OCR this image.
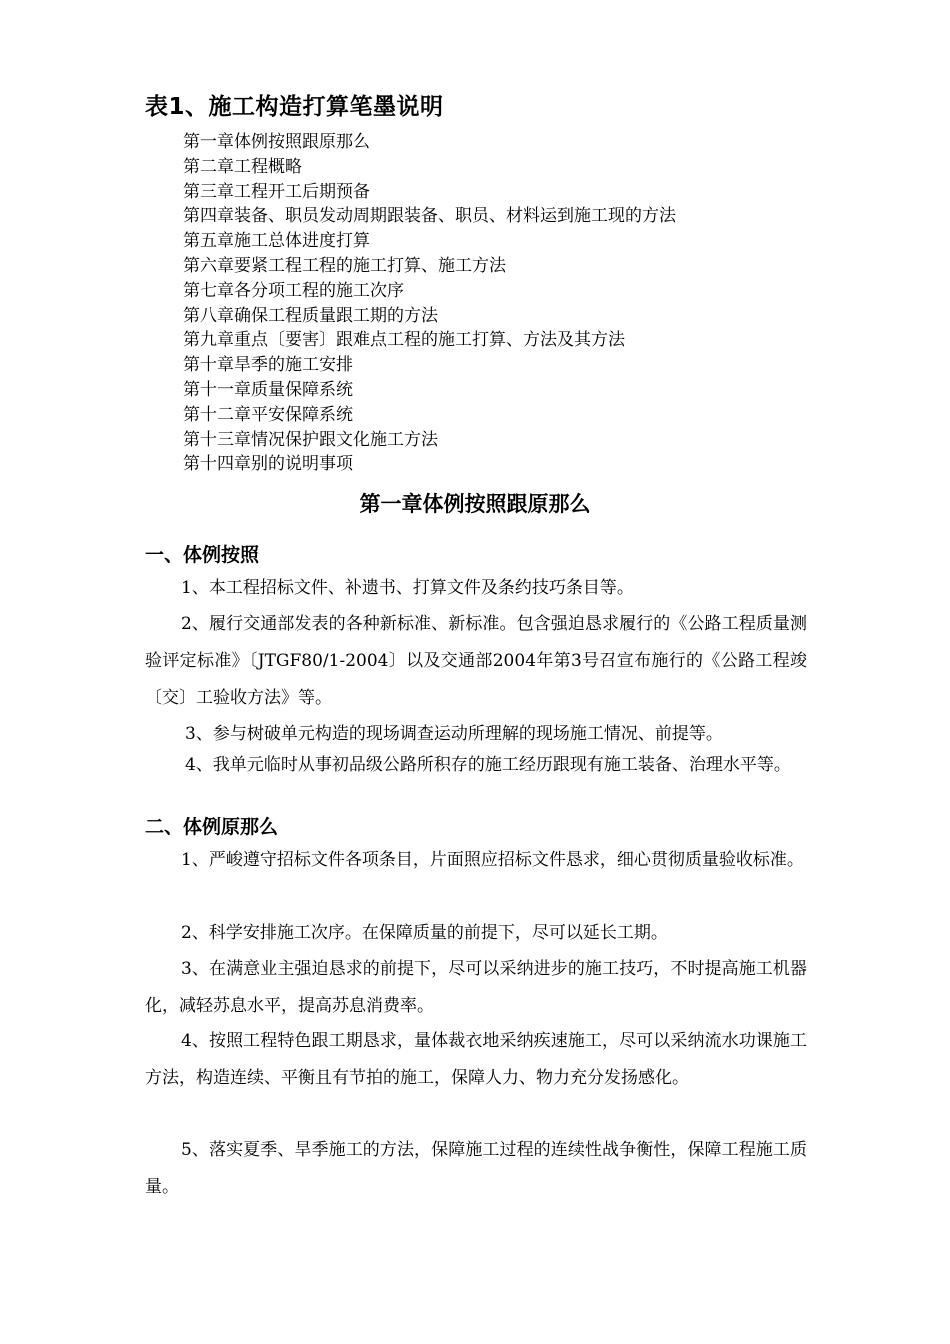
表1、施工构造打算笔墨说明
第一章体例按照跟原那么
第二章工程概略
第三章工程开工后期预备
第四章装备、职员发动周期跟装备、职员、材料运到施工现的方法
第五章施工总体进度打算
第六章要紧工程工程的施工打算、施工方法
第七章各分项工程的施工次序
第八章确保工程质量跟工期的方法
第九章重点〔要害〕跟难点工程的施工打算、方法及其方法
第十章旱季的施工安排
第十一章质量保障系统
第十二章平安保障系统
第十三章情况保护跟文化施工方法
第十四章别的说明事项
第一章体例按照跟原那么
一、体例按照

1、本工程招标文件、补遗书、打算文件及条约技巧条目等。

2、履行交通部发表的各种新标准、新标准。包含强迫恳求履行的《公路工程质量测验评定标准》〔JTGF80/1-2004〕以及交通部2004年第3号召宣布施行的《公路工程竣〔交〕工验收方法》等。

3、参与树破单元构造的现场调查运动所理解的现场施工情况、前提等。

4、我单元临时从事初品级公路所积存的施工经历跟现有施工装备、治理水平等。

二、体例原那么

1、严峻遵守招标文件各项条目，片面照应招标文件恳求，细心贯彻质量验收标准。

2、科学安排施工次序。在保障质量的前提下，尽可以延长工期。

3、在满意业主强迫恳求的前提下，尽可以采纳进步的施工技巧，不时提高施工机器化，减轻苏息水平，提高苏息消费率。

4、按照工程特色跟工期恳求，量体裁衣地采纳疾速施工，尽可以采纳流水功课施工方法，构造连续、平衡且有节拍的施工，保障人力、物力充分发扬感化。

5、落实夏季、旱季施工的方法，保障施工过程的连续性战争衡性，保障工程施工质量。
